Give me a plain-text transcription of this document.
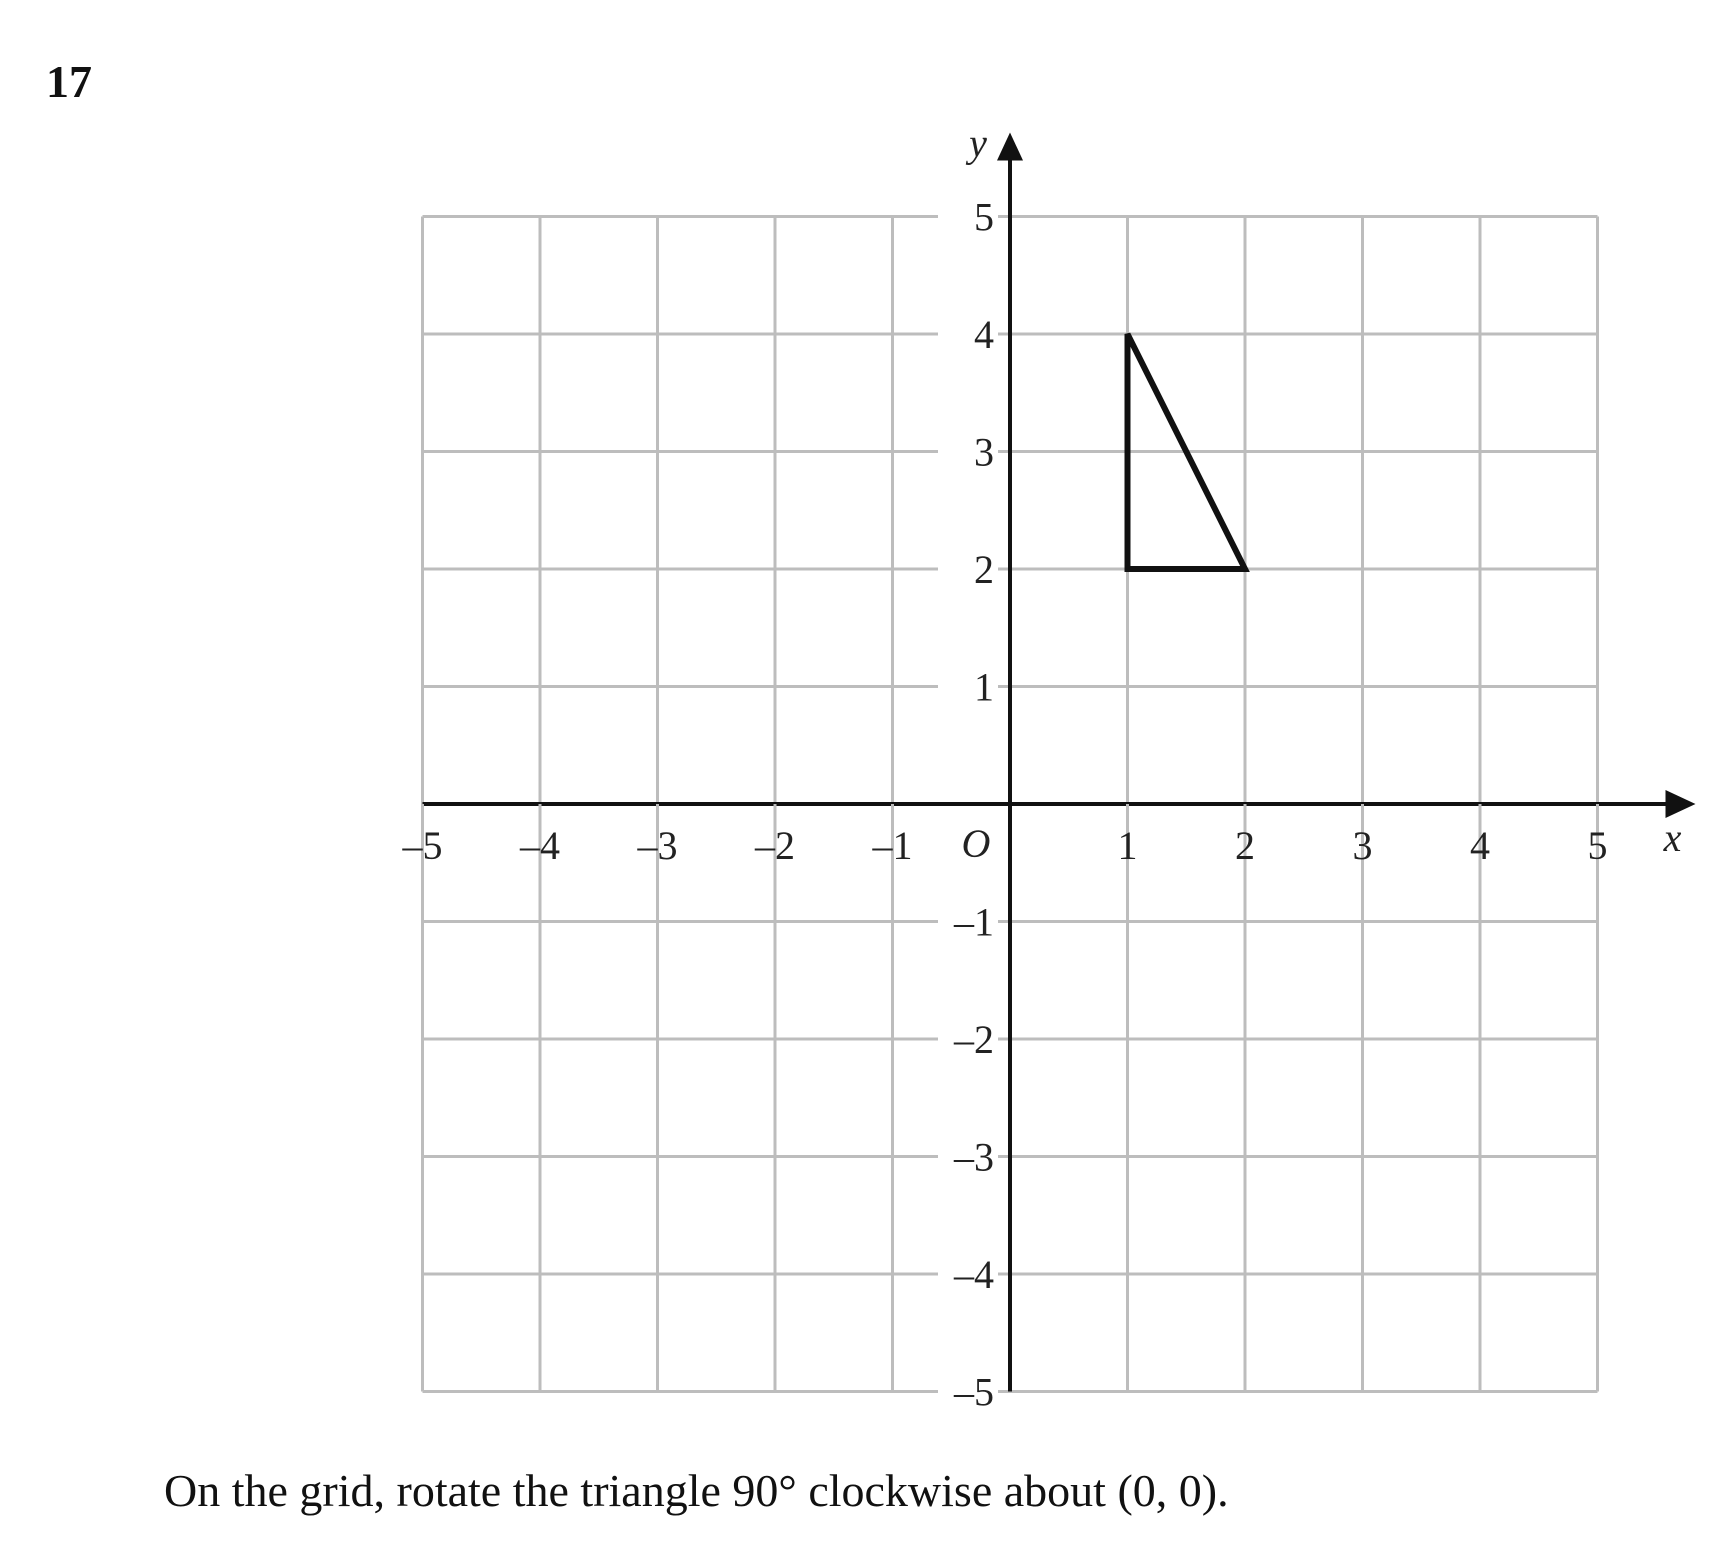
17
–5 –4 –3 –2 –1	1 2 3 4 5
5
4
3
2
1
–1
–2
–3
–4
–5
O	x
y
On the grid, rotate the triangle 90° clockwise about (0, 0).
